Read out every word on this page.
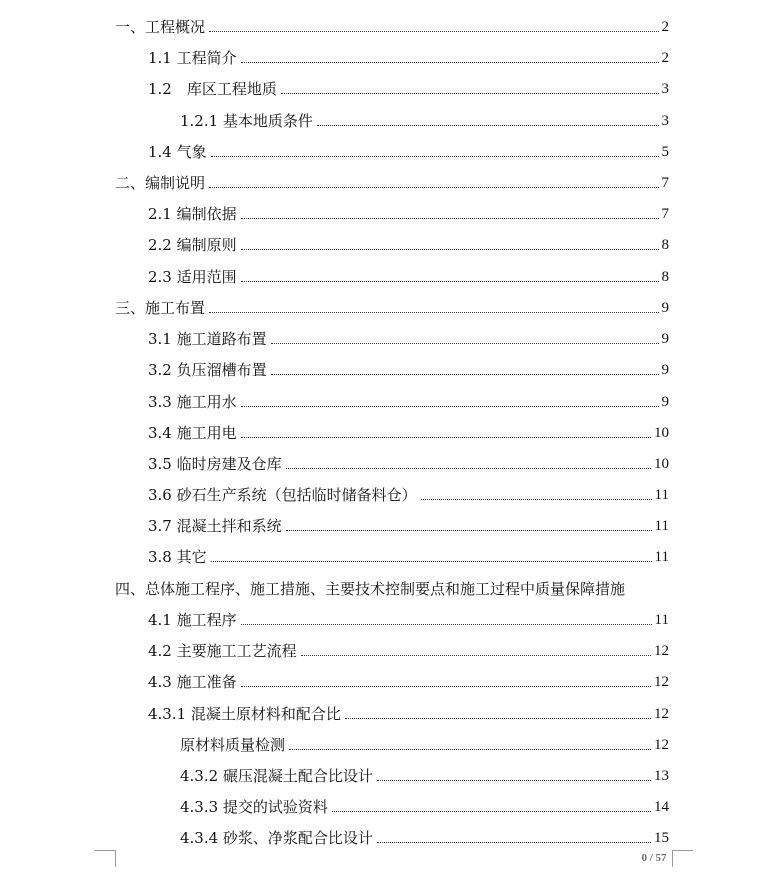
一、工程概况	2
1.1 工程简介	2
1.2　库区工程地质	3
1.2.1 基本地质条件	3
1.4 气象	5
二、编制说明	7
2.1 编制依据	7
2.2 编制原则	8
2.3 适用范围	8
三、施工布置	9
3.1 施工道路布置	9
3.2 负压溜槽布置	9
3.3 施工用水	9
3.4 施工用电	10
3.5 临时房建及仓库	10
3.6 砂石生产系统（包括临时储备料仓）	11
3.7 混凝土拌和系统	11
3.8 其它	11
四、总体施工程序、施工措施、主要技术控制要点和施工过程中质量保障措施
4.1 施工程序	11
4.2 主要施工工艺流程	12
4.3 施工准备	12
4.3.1 混凝土原材料和配合比	12
原材料质量检测	12
4.3.2 碾压混凝土配合比设计	13
4.3.3 提交的试验资料	14
4.3.4 砂浆、净浆配合比设计	15
0 / 57
